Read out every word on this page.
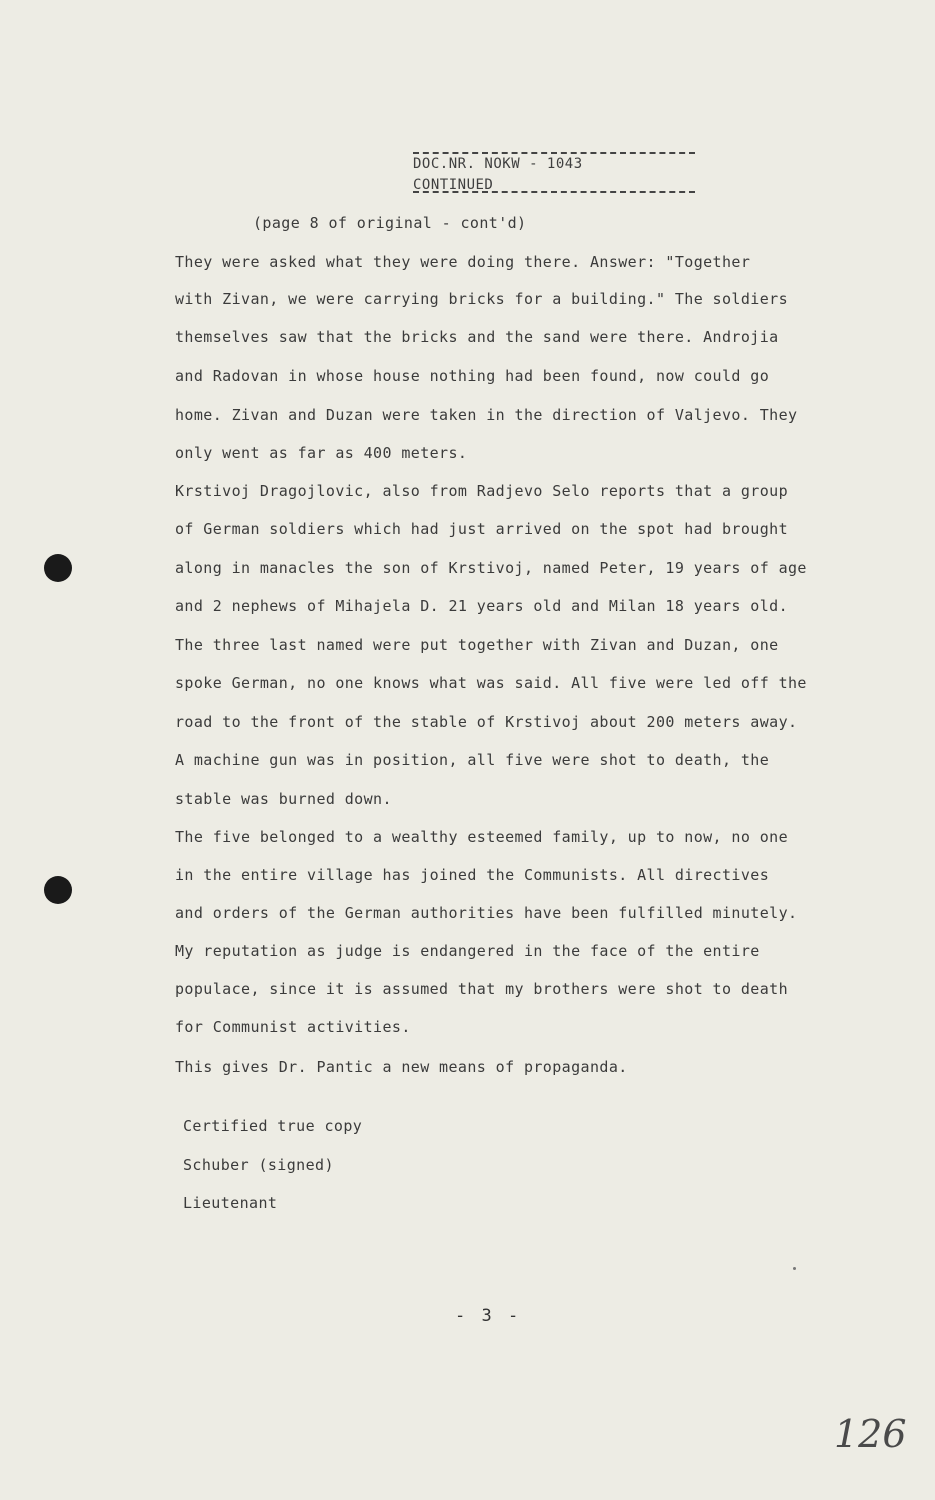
DOC.NR. NOKW - 1043
CONTINUED
(page 8 of original - cont'd)
They were asked what they were doing there. Answer: "Together
with Zivan, we were carrying bricks for a building." The soldiers
themselves saw that the bricks and the sand were there. Androjia
and Radovan in whose house nothing had been found, now could go
home. Zivan and Duzan were taken in the direction of Valjevo. They
only went as far as 400 meters.
Krstivoj Dragojlovic, also from Radjevo Selo reports that a group
of German soldiers which had just arrived on the spot had brought
along in manacles the son of Krstivoj, named Peter, 19 years of age
and 2 nephews of Mihajela D. 21 years old and Milan 18 years old.
The three last named were put together with Zivan and Duzan, one
spoke German, no one knows what was said. All five were led off the
road to the front of the stable of Krstivoj about 200 meters away.
A machine gun was in position, all five were shot to death, the
stable was burned down.
The five belonged to a wealthy esteemed family, up to now, no one
in the entire village has joined the Communists. All directives
and orders of the German authorities have been fulfilled minutely.
My reputation as judge is endangered in the face of the entire
populace, since it is assumed that my brothers were shot to death
for Communist activities.
This gives Dr. Pantic a new means of propaganda.
Certified true copy
Schuber (signed)
Lieutenant
- 3 -
126
